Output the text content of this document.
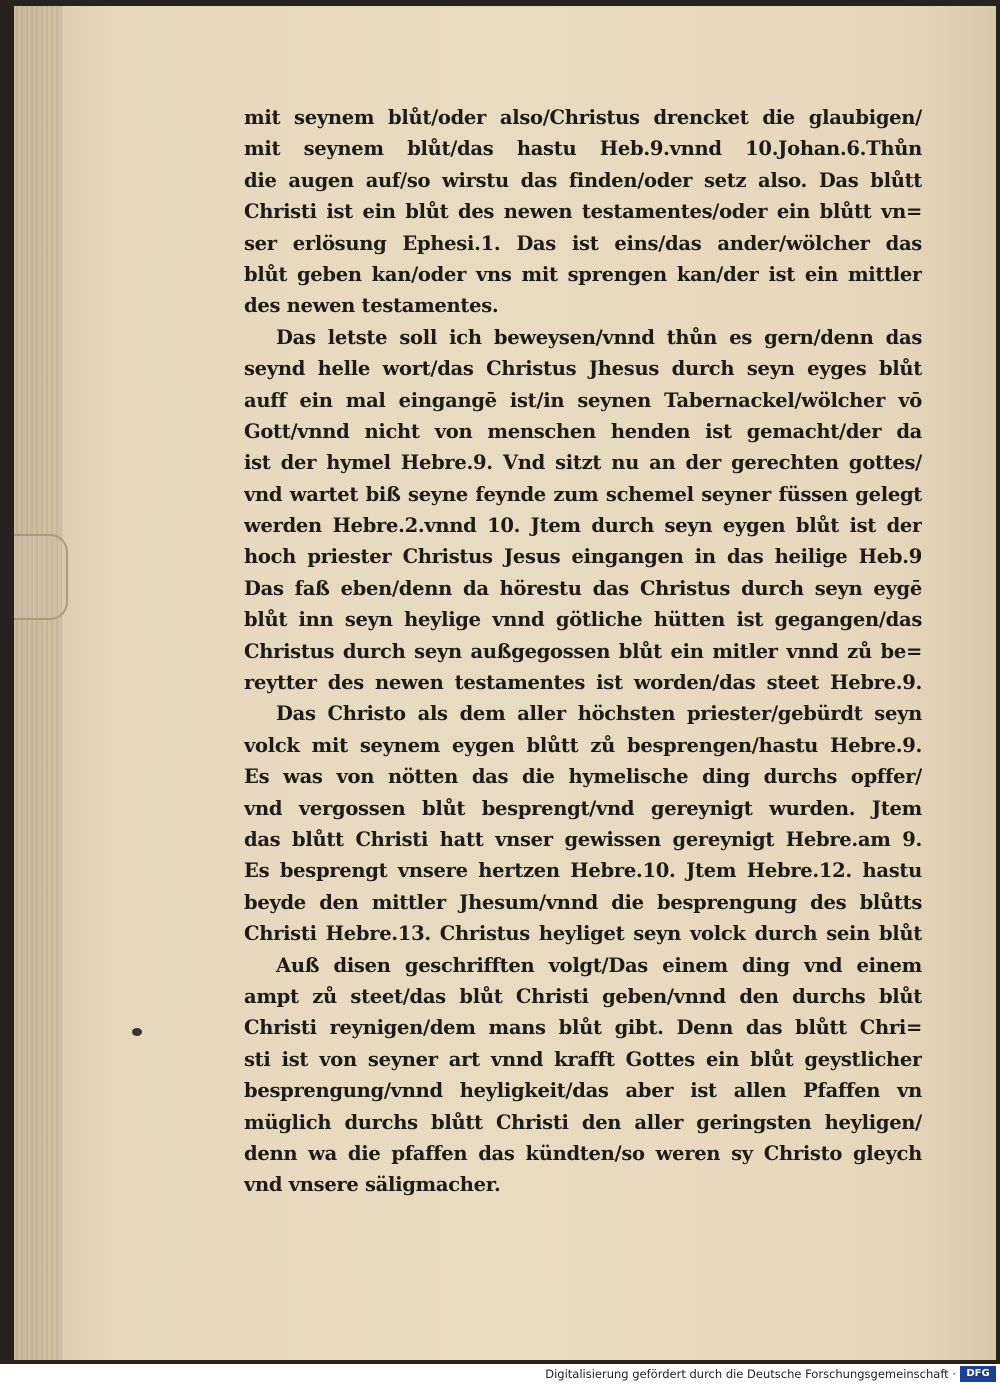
mit seynem blůt/oder also/Christus drencket die glaubigen/
mit seynem blůt/das hastu Heb.9.vnnd 10.Johan.6.Thůn
die augen auf/so wirstu das finden/oder setz also. Das blůtt
Christi ist ein blůt des newen testamentes/oder ein blůtt vn=
ser erlösung Ephesi.1. Das ist eins/das ander/wölcher das
blůt geben kan/oder vns mit sprengen kan/der ist ein mittler
des newen testamentes.
Das letste soll ich beweysen/vnnd thůn es gern/denn das
seynd helle wort/das Christus Jhesus durch seyn eyges blůt
auff ein mal eingangē ist/in seynen Tabernackel/wölcher vō
Gott/vnnd nicht von menschen henden ist gemacht/der da
ist der hymel Hebre.9. Vnd sitzt nu an der gerechten gottes/
vnd wartet biß seyne feynde zum schemel seyner füssen gelegt
werden Hebre.2.vnnd 10. Jtem durch seyn eygen blůt ist der
hoch priester Christus Jesus eingangen in das heilige Heb.9
Das faß eben/denn da hörestu das Christus durch seyn eygē
blůt inn seyn heylige vnnd götliche hütten ist gegangen/das
Christus durch seyn außgegossen blůt ein mitler vnnd zů be=
reytter des newen testamentes ist worden/das steet Hebre.9.
Das Christo als dem aller höchsten priester/gebürdt seyn
volck mit seynem eygen blůtt zů besprengen/hastu Hebre.9.
Es was von nötten das die hymelische ding durchs opffer/
vnd vergossen blůt besprengt/vnd gereynigt wurden. Jtem
das blůtt Christi hatt vnser gewissen gereynigt Hebre.am 9.
Es besprengt vnsere hertzen Hebre.10. Jtem Hebre.12. hastu
beyde den mittler Jhesum/vnnd die besprengung des blůtts
Christi Hebre.13. Christus heyliget seyn volck durch sein blůt
Auß disen geschrifften volgt/Das einem ding vnd einem
ampt zů steet/das blůt Christi geben/vnnd den durchs blůt
Christi reynigen/dem mans blůt gibt. Denn das blůtt Chri=
sti ist von seyner art vnnd krafft Gottes ein blůt geystlicher
besprengung/vnnd heyligkeit/das aber ist allen Pfaffen vn
müglich durchs blůtt Christi den aller geringsten heyligen/
denn wa die pfaffen das kündten/so weren sy Christo gleych
vnd vnsere säligmacher.
Digitalisierung gefördert durch die Deutsche Forschungsgemeinschaft ·	DFG
